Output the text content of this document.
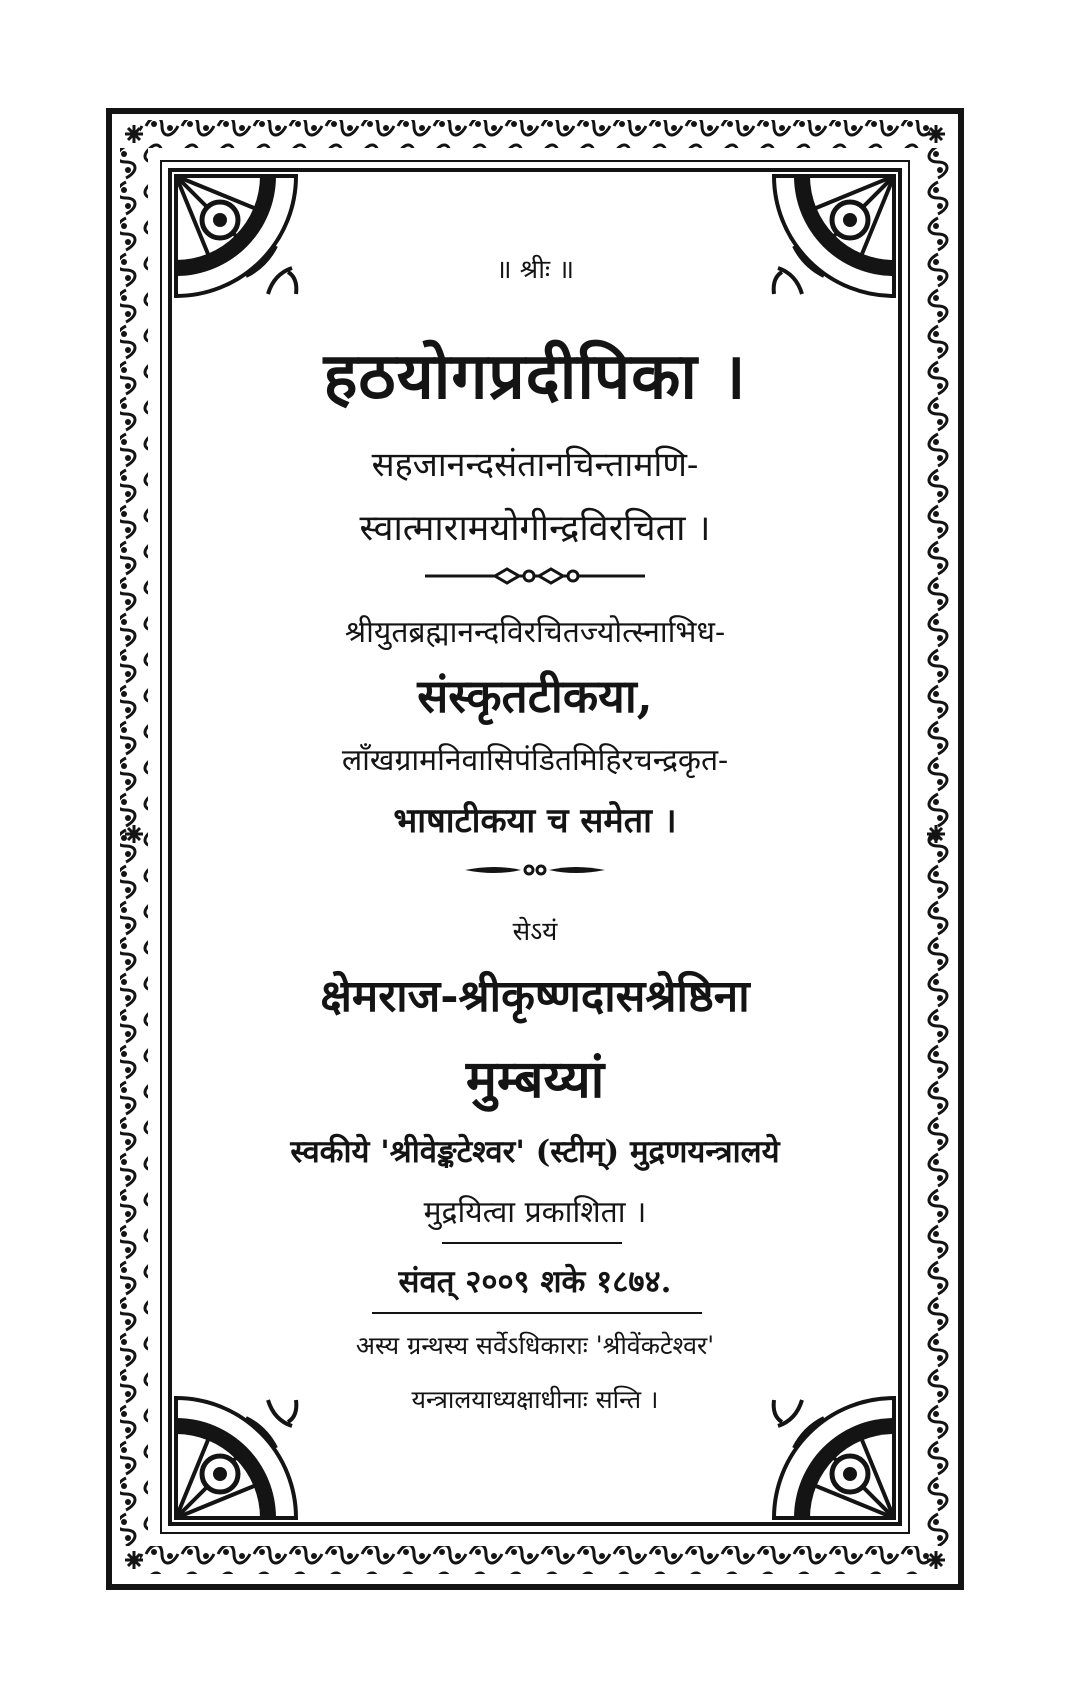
॥ श्रीः ॥
हठयोगप्रदीपिका ।
सहजानन्दसंतानचिन्तामणि-
स्वात्मारामयोगीन्द्रविरचिता ।
श्रीयुतब्रह्मानन्दविरचितज्योत्स्नाभिध-
संस्कृतटीकया,
लाँखग्रामनिवासिपंडितमिहिरचन्द्रकृत-
भाषाटीकया च समेता ।
सेऽयं
क्षेमराज-श्रीकृष्णदासश्रेष्ठिना
मुम्बय्यां
स्वकीये 'श्रीवेङ्कटेश्वर' (स्टीम्) मुद्रणयन्त्रालये
मुद्रयित्वा प्रकाशिता ।
संवत् २००९ शके १८७४.
अस्य ग्रन्थस्य सर्वेऽधिकाराः 'श्रीवेंकटेश्वर'
यन्त्रालयाध्यक्षाधीनाः सन्ति ।
